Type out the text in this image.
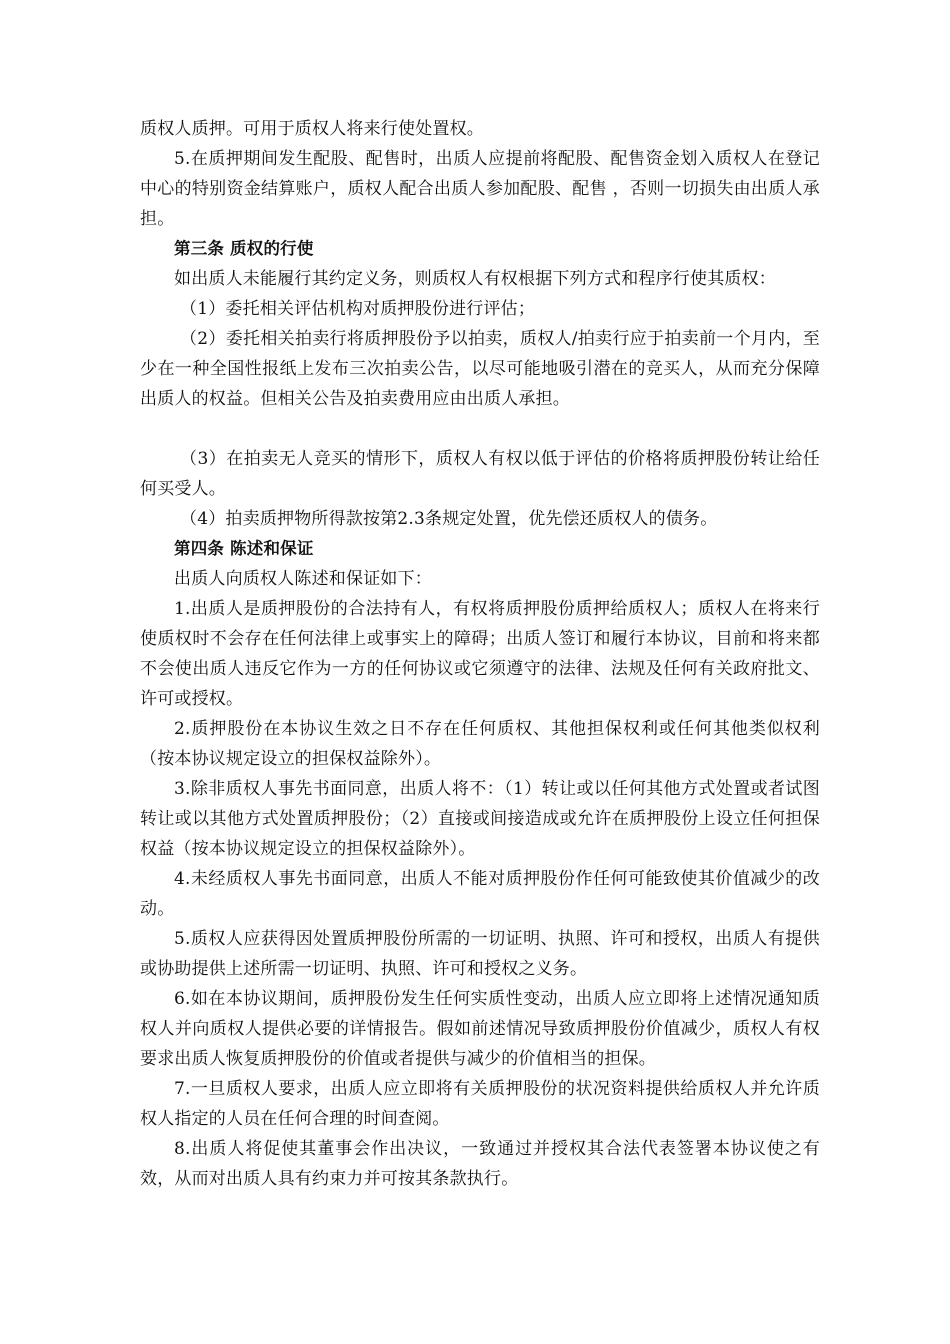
质权人质押。可用于质权人将来行使处置权。

5.在质押期间发生配股、配售时，出质人应提前将配股、配售资金划入质权人在登记中心的特别资金结算账户，质权人配合出质人参加配股、配售 ，否则一切损失由出质人承担。

第三条 质权的行使

如出质人未能履行其约定义务，则质权人有权根据下列方式和程序行使其质权：

（1）委托相关评估机构对质押股份进行评估；

（2）委托相关拍卖行将质押股份予以拍卖，质权人/拍卖行应于拍卖前一个月内，至少在一种全国性报纸上发布三次拍卖公告，以尽可能地吸引潜在的竞买人，从而充分保障出质人的权益。但相关公告及拍卖费用应由出质人承担。

（3）在拍卖无人竞买的情形下，质权人有权以低于评估的价格将质押股份转让给任何买受人。

（4）拍卖质押物所得款按第2.3条规定处置，优先偿还质权人的债务。

第四条 陈述和保证

出质人向质权人陈述和保证如下：

1.出质人是质押股份的合法持有人，有权将质押股份质押给质权人；质权人在将来行使质权时不会存在任何法律上或事实上的障碍；出质人签订和履行本协议，目前和将来都不会使出质人违反它作为一方的任何协议或它须遵守的法律、法规及任何有关政府批文、许可或授权。

2.质押股份在本协议生效之日不存在任何质权、其他担保权利或任何其他类似权利（按本协议规定设立的担保权益除外）。

3.除非质权人事先书面同意，出质人将不：（1）转让或以任何其他方式处置或者试图转让或以其他方式处置质押股份；（2）直接或间接造成或允许在质押股份上设立任何担保权益（按本协议规定设立的担保权益除外）。

4.未经质权人事先书面同意，出质人不能对质押股份作任何可能致使其价值减少的改动。

5.质权人应获得因处置质押股份所需的一切证明、执照、许可和授权，出质人有提供或协助提供上述所需一切证明、执照、许可和授权之义务。

6.如在本协议期间，质押股份发生任何实质性变动，出质人应立即将上述情况通知质权人并向质权人提供必要的详情报告。假如前述情况导致质押股份价值减少，质权人有权要求出质人恢复质押股份的价值或者提供与减少的价值相当的担保。

7.一旦质权人要求，出质人应立即将有关质押股份的状况资料提供给质权人并允许质权人指定的人员在任何合理的时间查阅。

8.出质人将促使其董事会作出决议，一致通过并授权其合法代表签署本协议使之有效，从而对出质人具有约束力并可按其条款执行。
